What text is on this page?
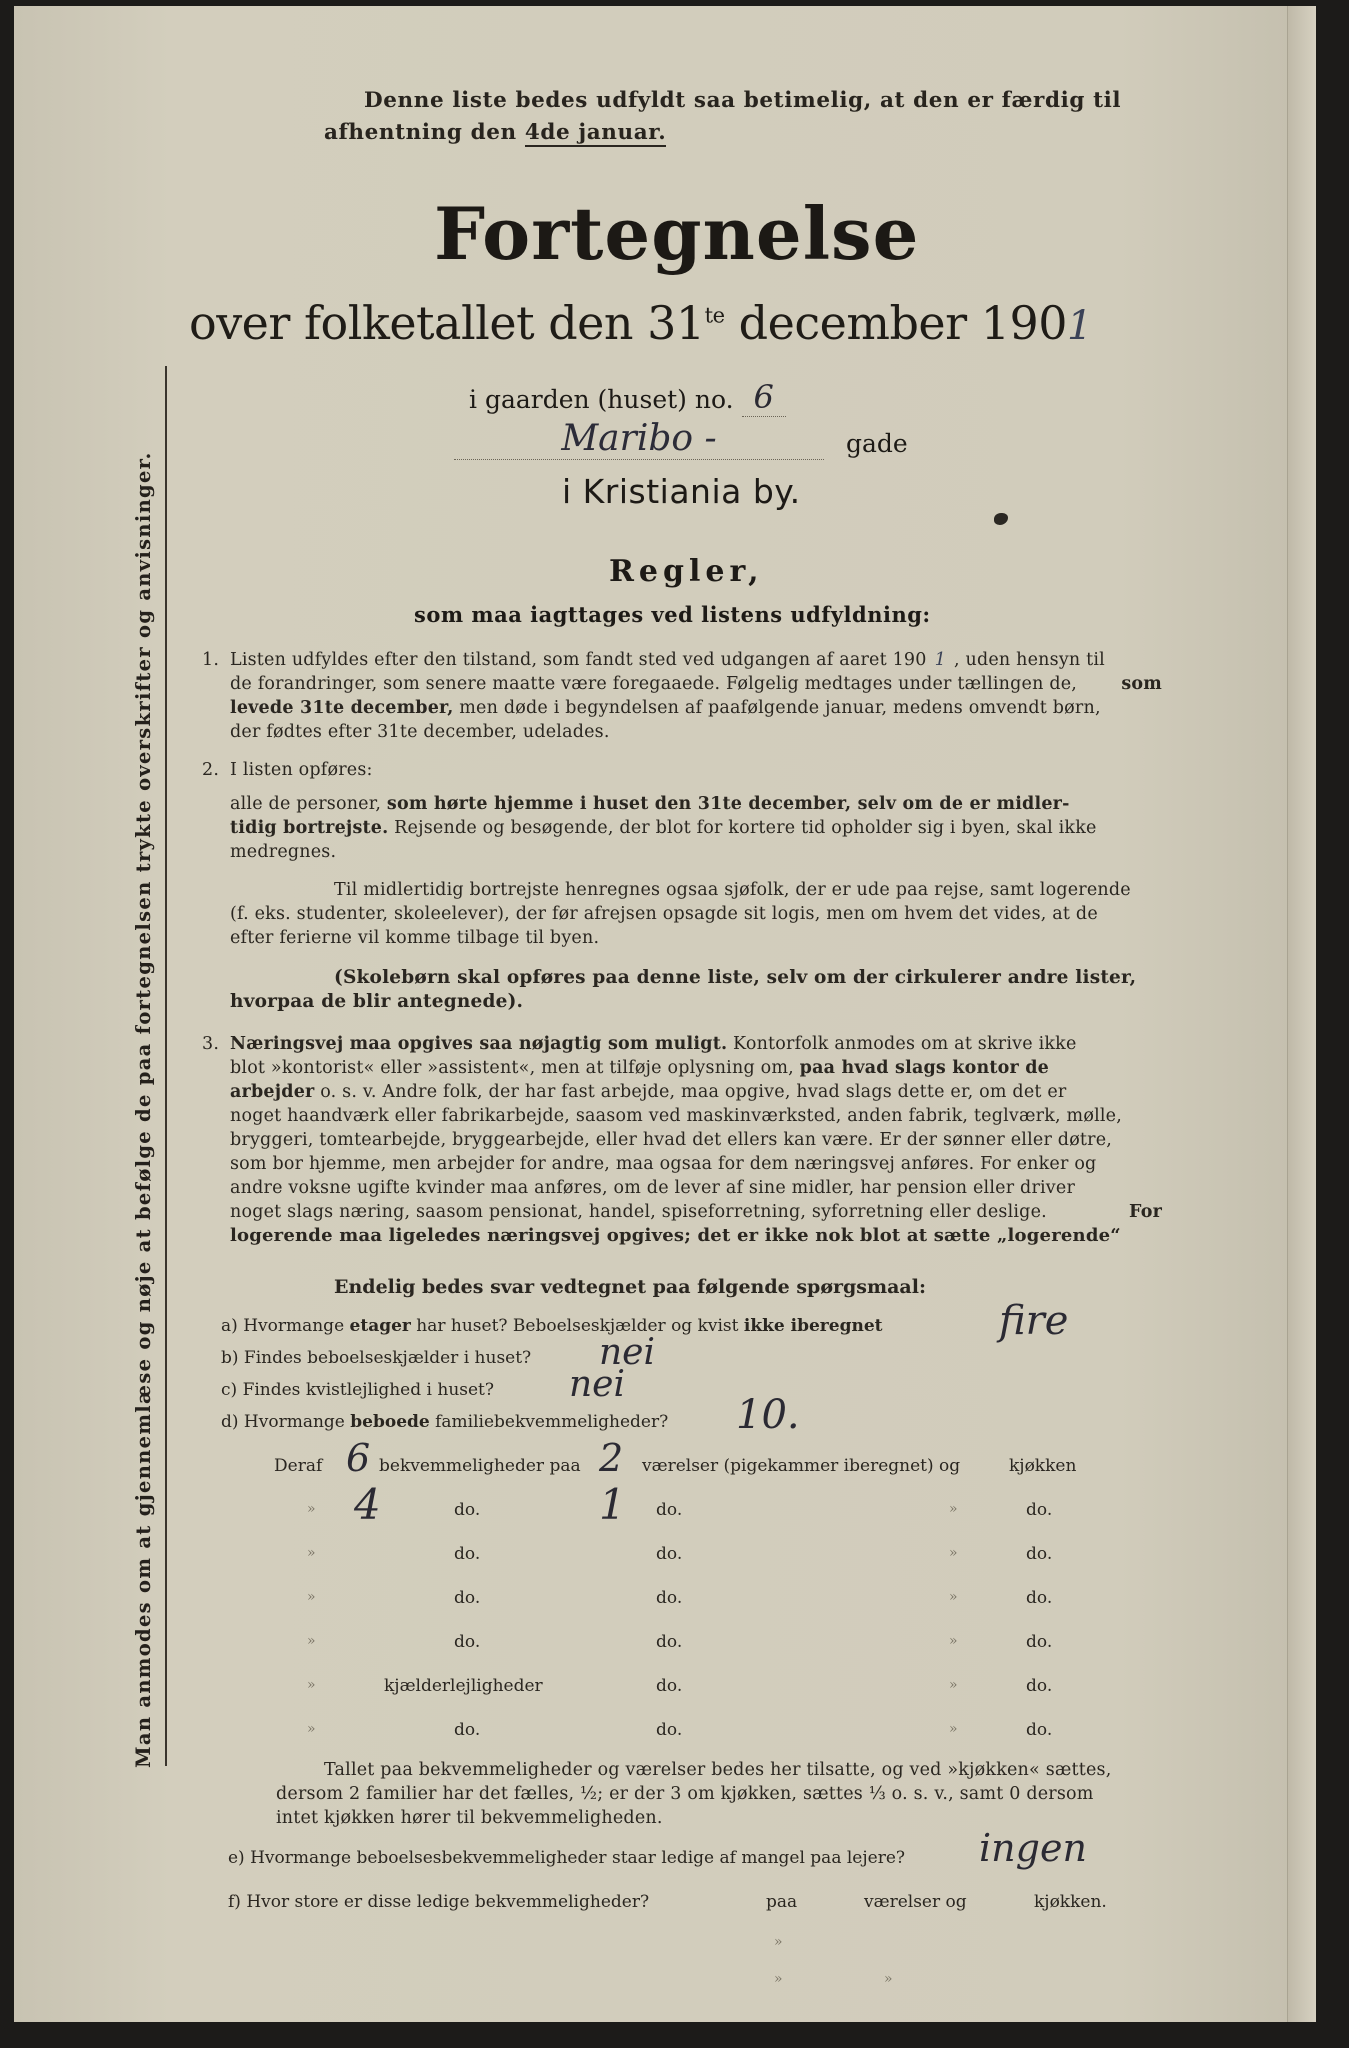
Man anmodes om at gjennemlæse og nøje at befølge de paa fortegnelsen trykte overskrifter og anvisninger.
Denne liste bedes udfyldt saa betimelig, at den er færdig til
afhentning den 4de januar.
Fortegnelse
over folketallet den $31^{te}$ december 1901
i gaarden (huset) no. 6
Maribo -	gade
i Kristiania by.
Regler,
som maa iagttages ved listens udfyldning:
1. Listen udfyldes efter den tilstand, som fandt sted ved udgangen af aaret 190 1 , uden hensyn til
de forandringer, som senere maatte være foregaaede. Følgelig medtages under tællingen de,	som
levede 31te december, men døde i begyndelsen af paafølgende januar, medens omvendt børn,
der fødtes efter 31te december, udelades.
2. I listen opføres:
alle de personer, som hørte hjemme i huset den 31te december, selv om de er midler-
tidig bortrejste. Rejsende og besøgende, der blot for kortere tid opholder sig i byen, skal ikke
medregnes.
Til midlertidig bortrejste henregnes ogsaa sjøfolk, der er ude paa rejse, samt logerende
(f. eks. studenter, skoleelever), der før afrejsen opsagde sit logis, men om hvem det vides, at de
efter ferierne vil komme tilbage til byen.
(Skolebørn skal opføres paa denne liste, selv om der cirkulerer andre lister,
hvorpaa de blir antegnede).
3. Næringsvej maa opgives saa nøjagtig som muligt. Kontorfolk anmodes om at skrive ikke
blot »kontorist« eller »assistent«, men at tilføje oplysning om, paa hvad slags kontor de
arbejder o. s. v. Andre folk, der har fast arbejde, maa opgive, hvad slags dette er, om det er
noget haandværk eller fabrikarbejde, saasom ved maskinværksted, anden fabrik, teglværk, mølle,
bryggeri, tomtearbejde, bryggearbejde, eller hvad det ellers kan være. Er der sønner eller døtre,
som bor hjemme, men arbejder for andre, maa ogsaa for dem næringsvej anføres. For enker og
andre voksne ugifte kvinder maa anføres, om de lever af sine midler, har pension eller driver
noget slags næring, saasom pensionat, handel, spiseforretning, syforretning eller deslige.	For
logerende maa ligeledes næringsvej opgives; det er ikke nok blot at sætte „logerende“
Endelig bedes svar vedtegnet paa følgende spørgsmaal:
a) Hvormange etager har huset? Beboelseskjælder og kvist ikke iberegnet	fire
b) Findes beboelseskjælder i huset? nei
c) Findes kvistlejlighed i huset? nei
d) Hvormange beboede familiebekvemmeligheder? 10.
Deraf 6 bekvemmeligheder paa 2 værelser (pigekammer iberegnet) og	kjøkken
» 4	do.	1 do.	»	do.
»	do.	do.	»	do.
»	do.	do.	»	do.
»	do.	do.	»	do.
»	kjælderlejligheder	do.	»	do.
»	do.	do.	»	do.
Tallet paa bekvemmeligheder og værelser bedes her tilsatte, og ved »kjøkken« sættes,
dersom 2 familier har det fælles, ½; er der 3 om kjøkken, sættes ⅓ o. s. v., samt 0 dersom
intet kjøkken hører til bekvemmeligheden.
e) Hvormange beboelsesbekvemmeligheder staar ledige af mangel paa lejere? ingen
f) Hvor store er disse ledige bekvemmeligheder?	paa	værelser og	kjøkken.
»
»	»
